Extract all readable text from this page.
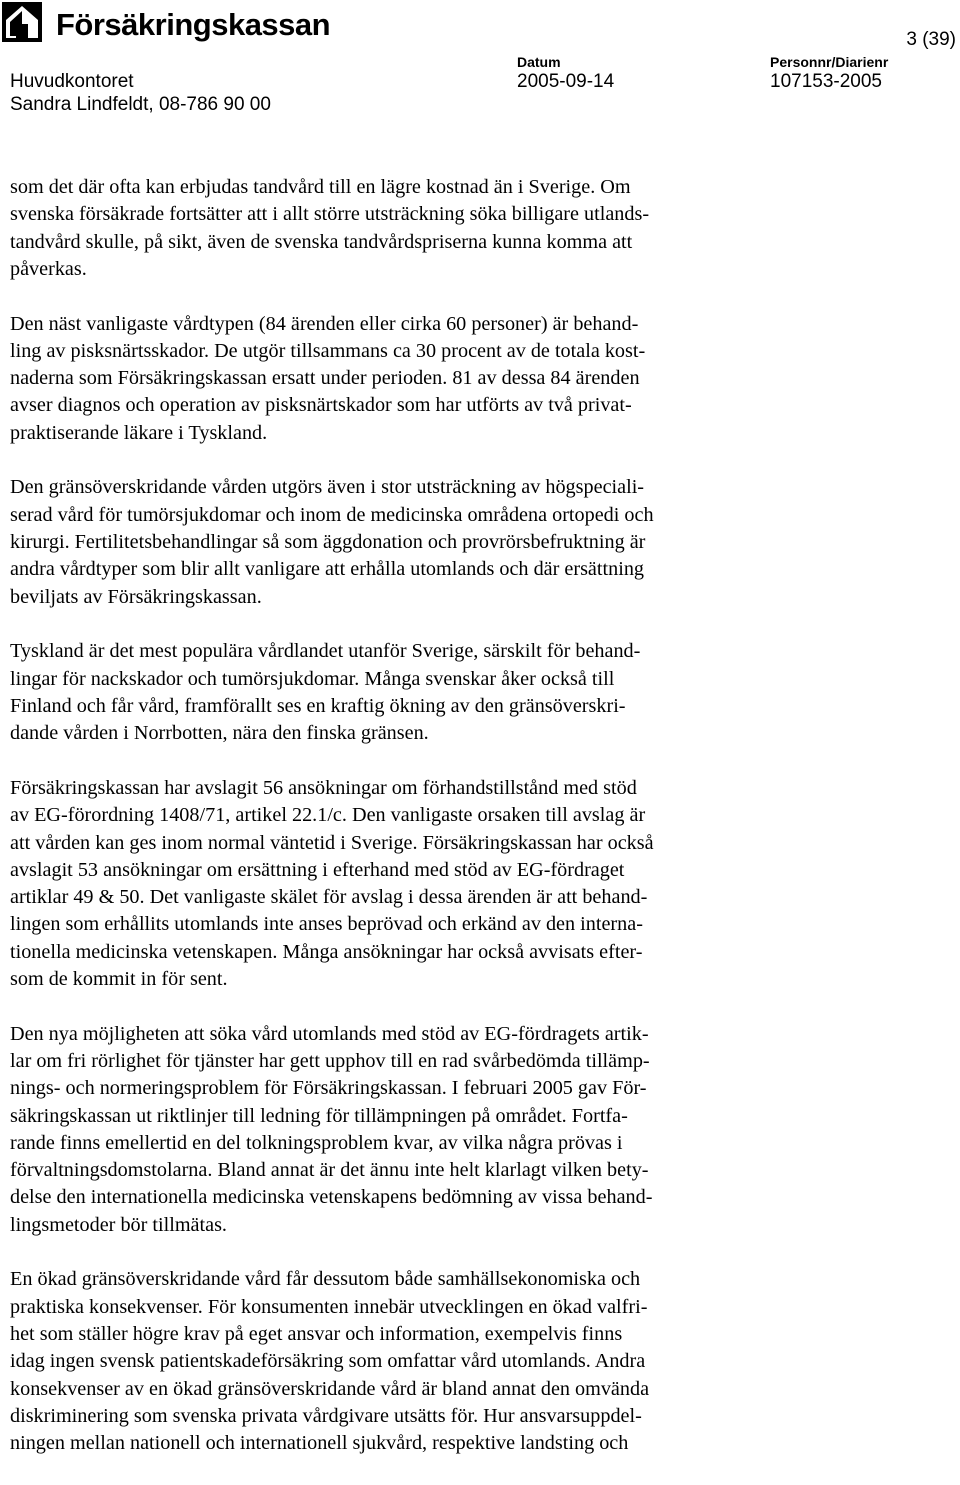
Försäkringskassan	3 (39)
Datum	Personnr/Diarienr
Huvudkontoret	2005-09-14	107153-2005
Sandra Lindfeldt, 08-786 90 00

som det där ofta kan erbjudas tandvård till en lägre kostnad än i Sverige. Om
svenska försäkrade fortsätter att i allt större utsträckning söka billigare utlands-
tandvård skulle, på sikt, även de svenska tandvårdspriserna kunna komma att
påverkas.

Den näst vanligaste vårdtypen (84 ärenden eller cirka 60 personer) är behand-
ling av pisksnärtsskador. De utgör tillsammans ca 30 procent av de totala kost-
naderna som Försäkringskassan ersatt under perioden. 81 av dessa 84 ärenden
avser diagnos och operation av pisksnärtskador som har utförts av två privat-
praktiserande läkare i Tyskland.

Den gränsöverskridande vården utgörs även i stor utsträckning av högspeciali-
serad vård för tumörsjukdomar och inom de medicinska områdena ortopedi och
kirurgi. Fertilitetsbehandlingar så som äggdonation och provrörsbefruktning är
andra vårdtyper som blir allt vanligare att erhålla utomlands och där ersättning
beviljats av Försäkringskassan.

Tyskland är det mest populära vårdlandet utanför Sverige, särskilt för behand-
lingar för nackskador och tumörsjukdomar. Många svenskar åker också till
Finland och får vård, framförallt ses en kraftig ökning av den gränsöverskri-
dande vården i Norrbotten, nära den finska gränsen.

Försäkringskassan har avslagit 56 ansökningar om förhandstillstånd med stöd
av EG-förordning 1408/71, artikel 22.1/c. Den vanligaste orsaken till avslag är
att vården kan ges inom normal väntetid i Sverige. Försäkringskassan har också
avslagit 53 ansökningar om ersättning i efterhand med stöd av EG-fördraget
artiklar 49 & 50. Det vanligaste skälet för avslag i dessa ärenden är att behand-
lingen som erhållits utomlands inte anses beprövad och erkänd av den interna-
tionella medicinska vetenskapen. Många ansökningar har också avvisats efter-
som de kommit in för sent.

Den nya möjligheten att söka vård utomlands med stöd av EG-fördragets artik-
lar om fri rörlighet för tjänster har gett upphov till en rad svårbedömda tillämp-
nings- och normeringsproblem för Försäkringskassan. I februari 2005 gav För-
säkringskassan ut riktlinjer till ledning för tillämpningen på området. Fortfa-
rande finns emellertid en del tolkningsproblem kvar, av vilka några prövas i
förvaltningsdomstolarna. Bland annat är det ännu inte helt klarlagt vilken bety-
delse den internationella medicinska vetenskapens bedömning av vissa behand-
lingsmetoder bör tillmätas.

En ökad gränsöverskridande vård får dessutom både samhällsekonomiska och
praktiska konsekvenser. För konsumenten innebär utvecklingen en ökad valfri-
het som ställer högre krav på eget ansvar och information, exempelvis finns
idag ingen svensk patientskadeförsäkring som omfattar vård utomlands. Andra
konsekvenser av en ökad gränsöverskridande vård är bland annat den omvända
diskriminering som svenska privata vårdgivare utsätts för. Hur ansvarsuppdel-
ningen mellan nationell och internationell sjukvård, respektive landsting och
